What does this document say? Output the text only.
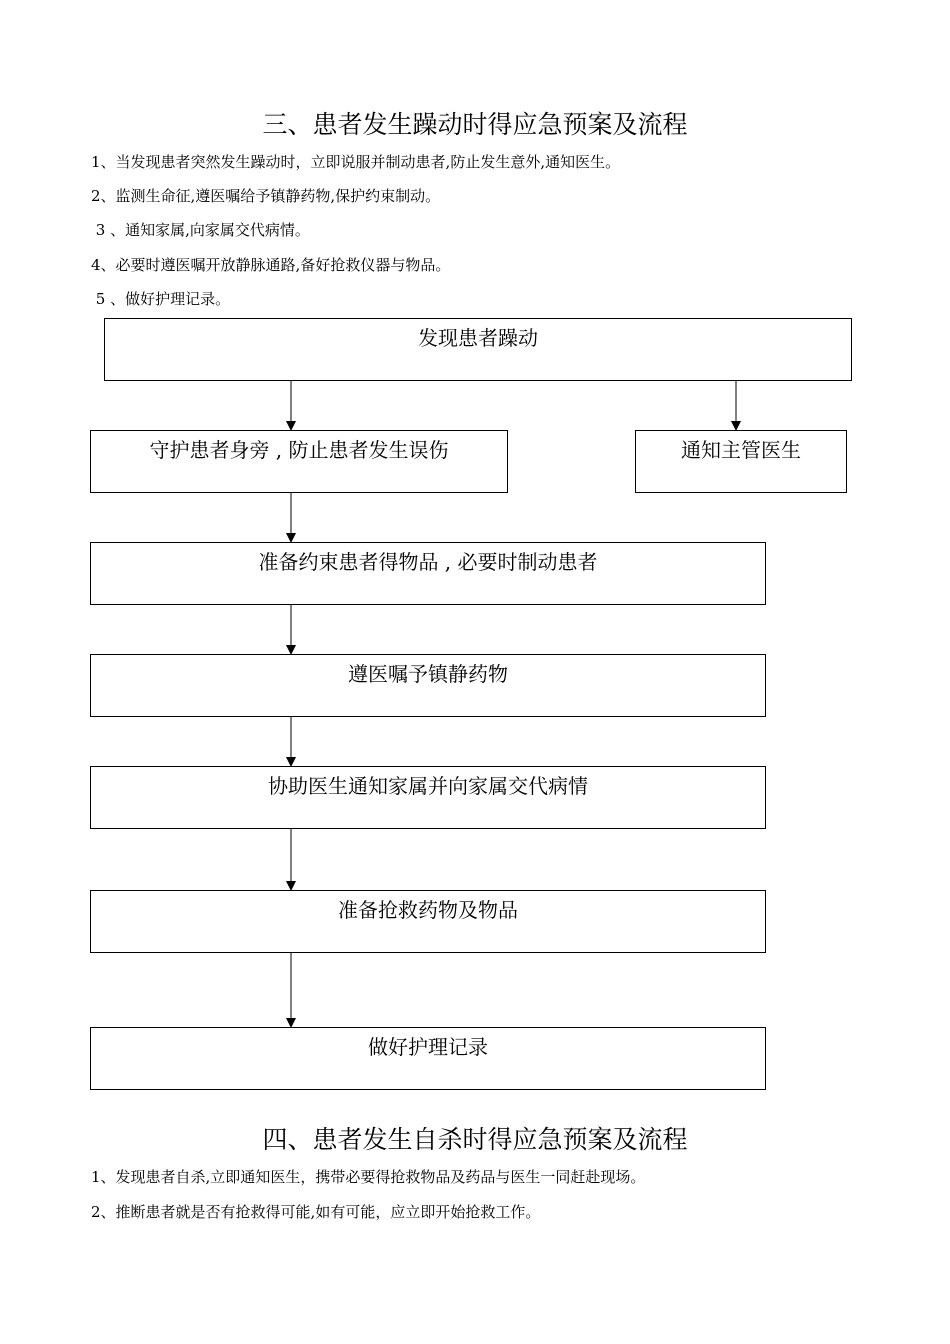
三、患者发生躁动时得应急预案及流程
1、当发现患者突然发生躁动时，立即说服并制动患者,防止发生意外,通知医生。
2、监测生命征,遵医嘱给予镇静药物,保护约束制动。
3 、通知家属,向家属交代病情。
4、必要时遵医嘱开放静脉通路,备好抢救仪器与物品。
5 、做好护理记录。
发现患者躁动
守护患者身旁 , 防止患者发生误伤	通知主管医生
准备约束患者得物品 , 必要时制动患者
遵医嘱予镇静药物
协助医生通知家属并向家属交代病情
准备抢救药物及物品
做好护理记录
四、患者发生自杀时得应急预案及流程
1、发现患者自杀,立即通知医生，携带必要得抢救物品及药品与医生一同赶赴现场。
2、推断患者就是否有抢救得可能,如有可能，应立即开始抢救工作。
